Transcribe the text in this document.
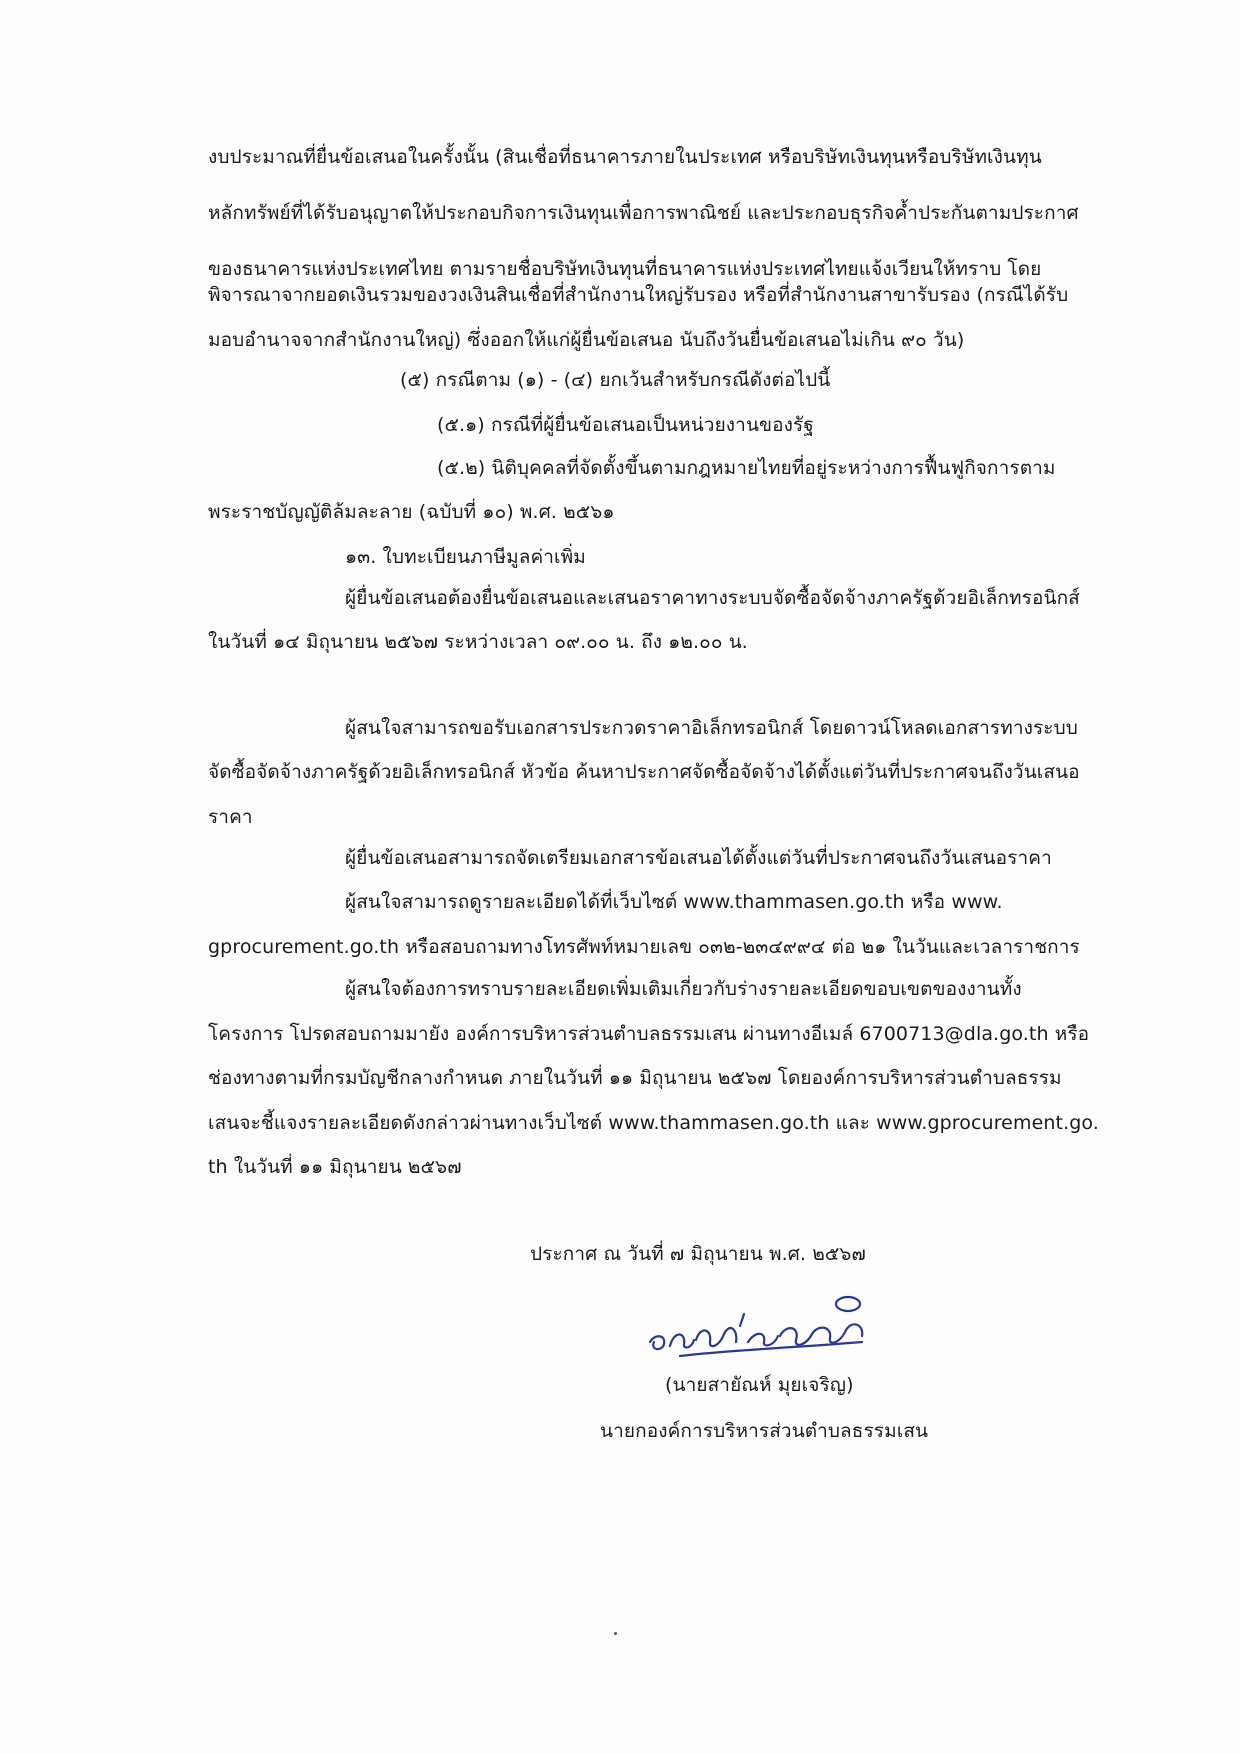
งบประมาณที่ยื่นข้อเสนอในครั้งนั้น (สินเชื่อที่ธนาคารภายในประเทศ หรือบริษัทเงินทุนหรือบริษัทเงินทุน
หลักทรัพย์ที่ได้รับอนุญาตให้ประกอบกิจการเงินทุนเพื่อการพาณิชย์ และประกอบธุรกิจค้ำประกันตามประกาศ
ของธนาคารแห่งประเทศไทย ตามรายชื่อบริษัทเงินทุนที่ธนาคารแห่งประเทศไทยแจ้งเวียนให้ทราบ โดย
พิจารณาจากยอดเงินรวมของวงเงินสินเชื่อที่สำนักงานใหญ่รับรอง หรือที่สำนักงานสาขารับรอง (กรณีได้รับ
มอบอำนาจจากสำนักงานใหญ่) ซึ่งออกให้แก่ผู้ยื่นข้อเสนอ นับถึงวันยื่นข้อเสนอไม่เกิน ๙๐ วัน)
(๕) กรณีตาม (๑) - (๔) ยกเว้นสำหรับกรณีดังต่อไปนี้
(๕.๑) กรณีที่ผู้ยื่นข้อเสนอเป็นหน่วยงานของรัฐ
(๕.๒) นิติบุคคลที่จัดตั้งขึ้นตามกฎหมายไทยที่อยู่ระหว่างการฟื้นฟูกิจการตาม
พระราชบัญญัติล้มละลาย (ฉบับที่ ๑๐) พ.ศ. ๒๕๖๑
๑๓. ใบทะเบียนภาษีมูลค่าเพิ่ม
ผู้ยื่นข้อเสนอต้องยื่นข้อเสนอและเสนอราคาทางระบบจัดซื้อจัดจ้างภาครัฐด้วยอิเล็กทรอนิกส์
ในวันที่ ๑๔ มิถุนายน ๒๕๖๗ ระหว่างเวลา ๐๙.๐๐ น. ถึง ๑๒.๐๐ น.
ผู้สนใจสามารถขอรับเอกสารประกวดราคาอิเล็กทรอนิกส์ โดยดาวน์โหลดเอกสารทางระบบ
จัดซื้อจัดจ้างภาครัฐด้วยอิเล็กทรอนิกส์ หัวข้อ ค้นหาประกาศจัดซื้อจัดจ้างได้ตั้งแต่วันที่ประกาศจนถึงวันเสนอ
ราคา
ผู้ยื่นข้อเสนอสามารถจัดเตรียมเอกสารข้อเสนอได้ตั้งแต่วันที่ประกาศจนถึงวันเสนอราคา
ผู้สนใจสามารถดูรายละเอียดได้ที่เว็บไซต์ www.thammasen.go.th หรือ www.
gprocurement.go.th หรือสอบถามทางโทรศัพท์หมายเลข ๐๓๒-๒๓๔๙๙๔ ต่อ ๒๑ ในวันและเวลาราชการ
ผู้สนใจต้องการทราบรายละเอียดเพิ่มเติมเกี่ยวกับร่างรายละเอียดขอบเขตของงานทั้ง
โครงการ โปรดสอบถามมายัง องค์การบริหารส่วนตำบลธรรมเสน ผ่านทางอีเมล์ 6700713@dla.go.th หรือ
ช่องทางตามที่กรมบัญชีกลางกำหนด ภายในวันที่ ๑๑ มิถุนายน ๒๕๖๗ โดยองค์การบริหารส่วนตำบลธรรม
เสนจะชี้แจงรายละเอียดดังกล่าวผ่านทางเว็บไซต์ www.thammasen.go.th และ www.gprocurement.go.
th ในวันที่ ๑๑ มิถุนายน ๒๕๖๗
ประกาศ ณ วันที่ ๗ มิถุนายน พ.ศ. ๒๕๖๗
(นายสายัณห์ มุยเจริญ)
นายกองค์การบริหารส่วนตำบลธรรมเสน
